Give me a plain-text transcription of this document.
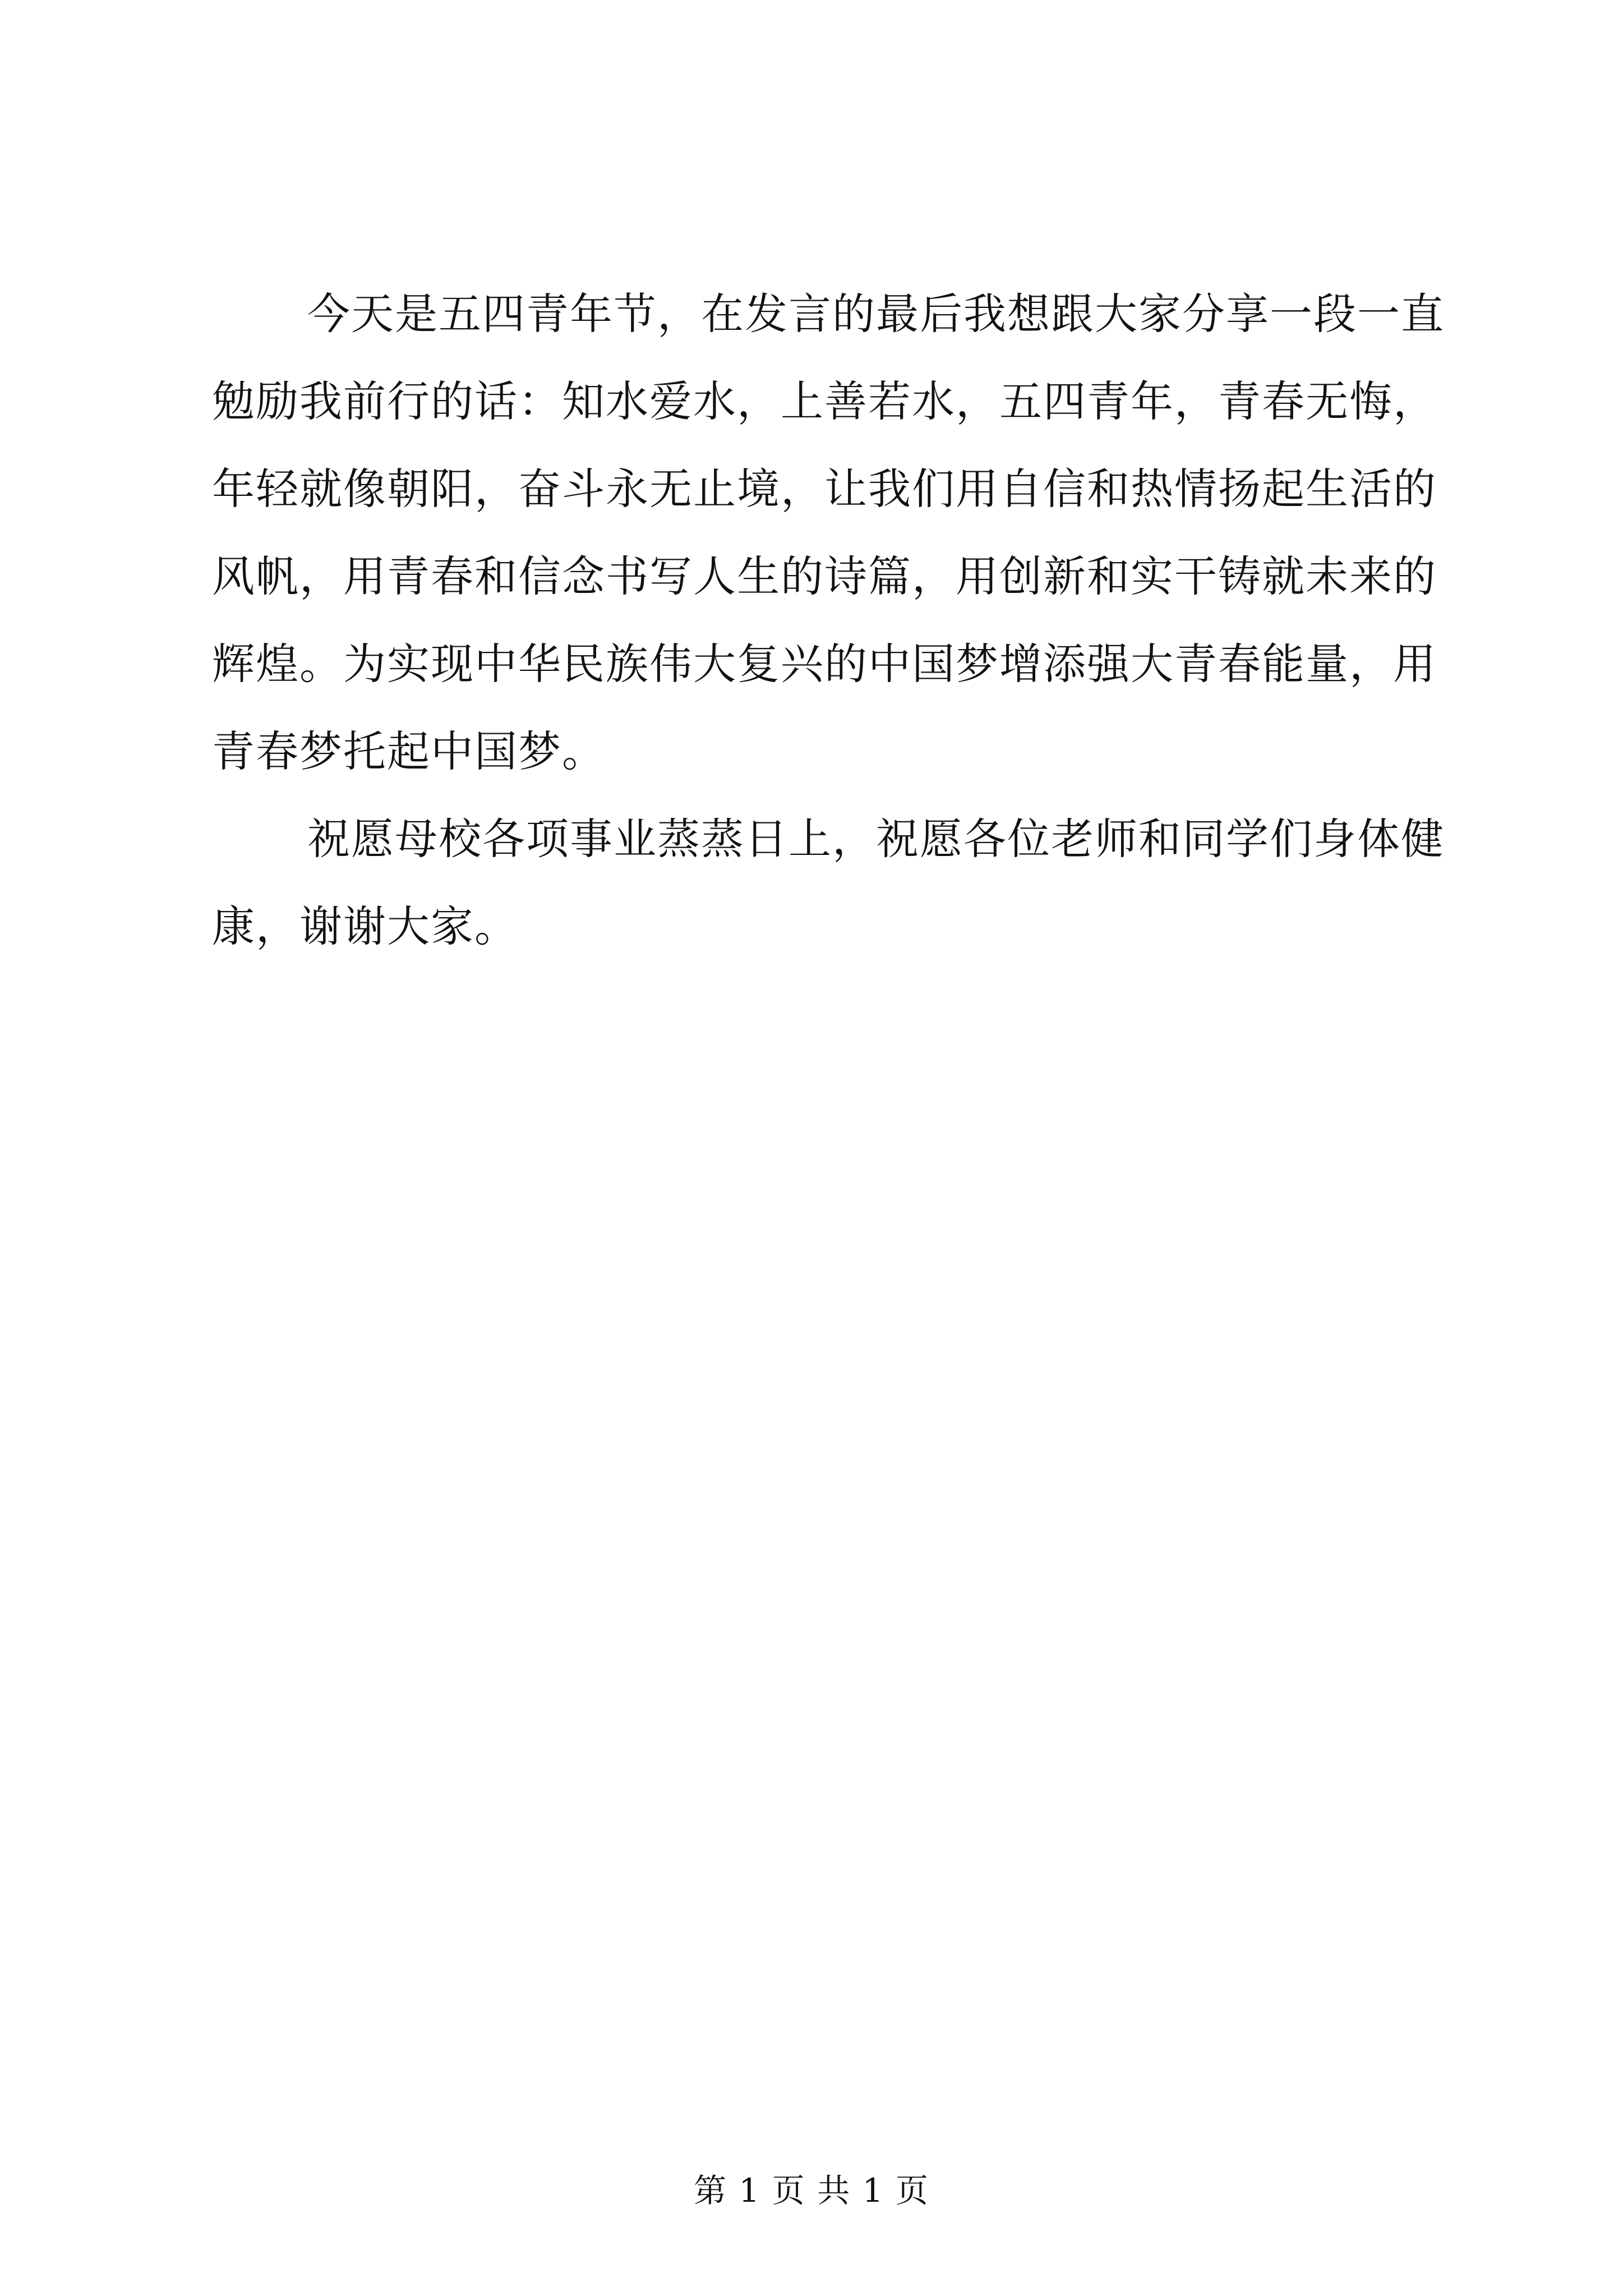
今天是五四青年节，在发言的最后我想跟大家分享一段一直
勉励我前行的话：知水爱水，上善若水，五四青年，青春无悔，
年轻就像朝阳，奋斗永无止境，让我们用自信和热情扬起生活的
风帆，用青春和信念书写人生的诗篇，用创新和实干铸就未来的
辉煌。为实现中华民族伟大复兴的中国梦增添强大青春能量，用
青春梦托起中国梦。
祝愿母校各项事业蒸蒸日上，祝愿各位老师和同学们身体健
康，谢谢大家。
第 1 页 共 1 页
